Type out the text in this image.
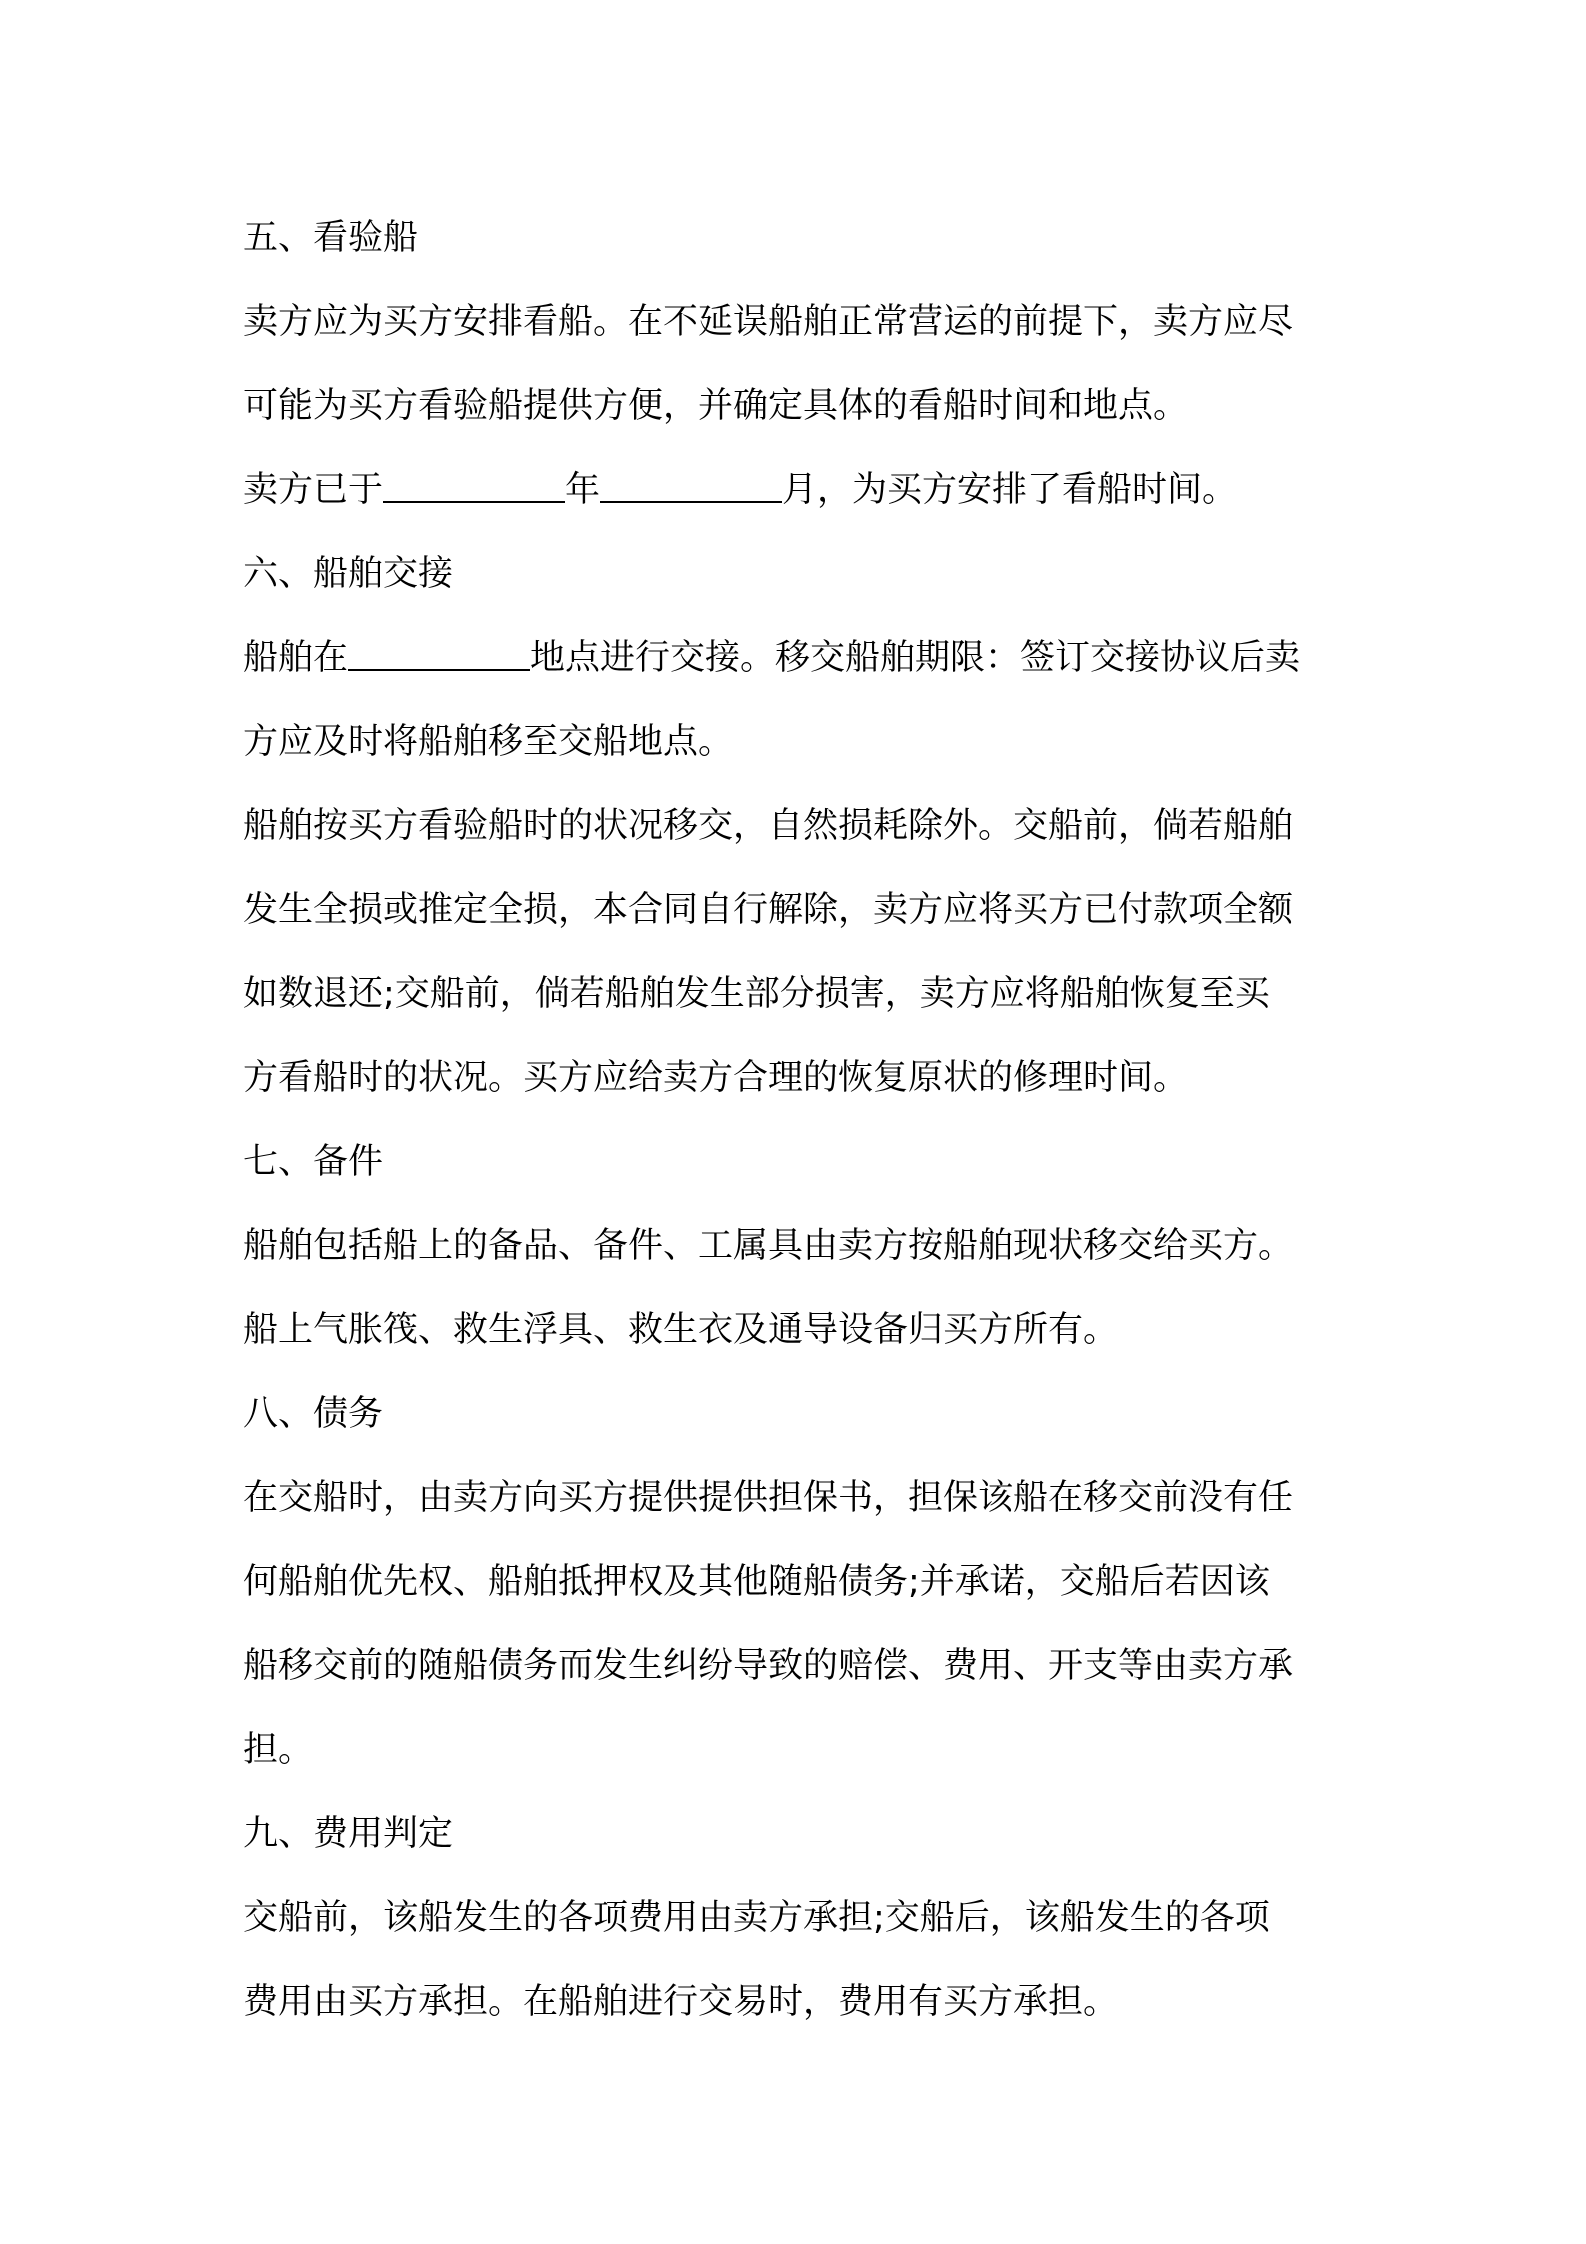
五、看验船
卖方应为买方安排看船。在不延误船舶正常营运的前提下，卖方应尽
可能为买方看验船提供方便，并确定具体的看船时间和地点。
卖方已于	年	月，为买方安排了看船时间。
六、船舶交接
船舶在	地点进行交接。移交船舶期限：签订交接协议后卖
方应及时将船舶移至交船地点。
船舶按买方看验船时的状况移交，自然损耗除外。交船前，倘若船舶
发生全损或推定全损，本合同自行解除，卖方应将买方已付款项全额
如数退还;交船前，倘若船舶发生部分损害，卖方应将船舶恢复至买
方看船时的状况。买方应给卖方合理的恢复原状的修理时间。
七、备件
船舶包括船上的备品、备件、工属具由卖方按船舶现状移交给买方。
船上气胀筏、救生浮具、救生衣及通导设备归买方所有。
八、债务
在交船时，由卖方向买方提供提供担保书，担保该船在移交前没有任
何船舶优先权、船舶抵押权及其他随船债务;并承诺，交船后若因该
船移交前的随船债务而发生纠纷导致的赔偿、费用、开支等由卖方承
担。
九、费用判定
交船前，该船发生的各项费用由卖方承担;交船后，该船发生的各项
费用由买方承担。在船舶进行交易时，费用有买方承担。
